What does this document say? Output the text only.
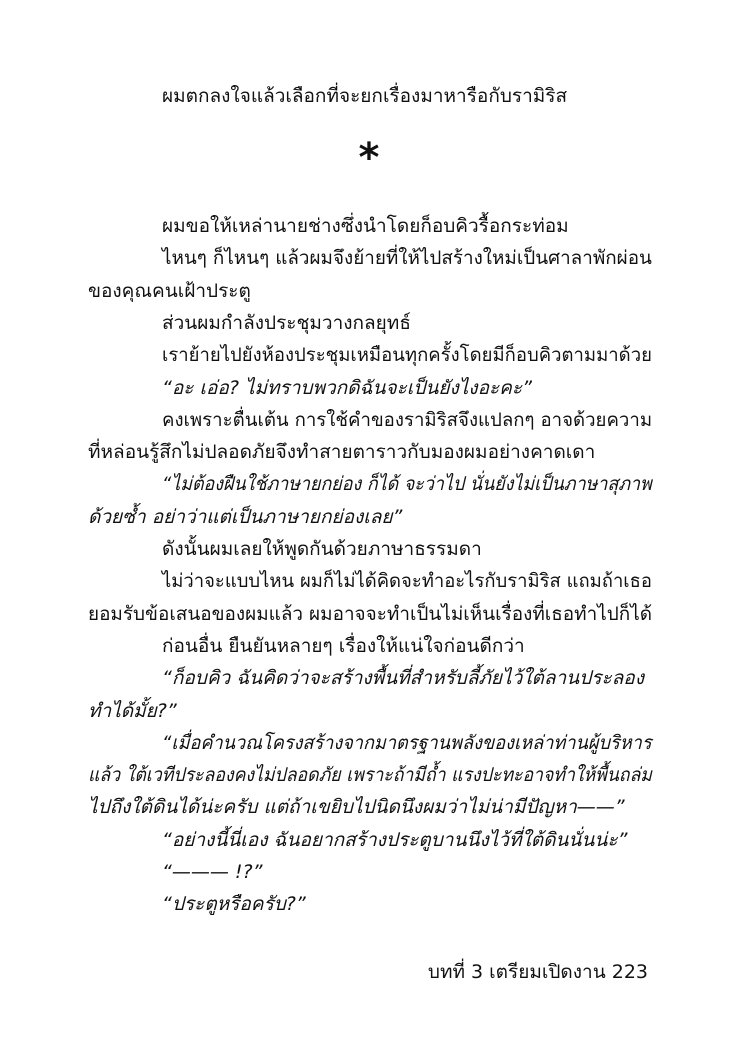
ผมตกลงใจแล้วเลือกที่จะยกเรื่องมาหารือกับรามิริส
*
ผมขอให้เหล่านายช่างซึ่งนำโดยก็อบคิวรื้อกระท่อม
ไหนๆ ก็ไหนๆ แล้วผมจึงย้ายที่ให้ไปสร้างใหม่เป็นศาลาพักผ่อน
ของคุณคนเฝ้าประตู
ส่วนผมกำลังประชุมวางกลยุทธ์
เราย้ายไปยังห้องประชุมเหมือนทุกครั้งโดยมีก็อบคิวตามมาด้วย
“อะ เอ่อ? ไม่ทราบพวกดิฉันจะเป็นยังไงอะคะ”
คงเพราะตื่นเต้น การใช้คำของรามิริสจึงแปลกๆ อาจด้วยความ
ที่หล่อนรู้สึกไม่ปลอดภัยจึงทำสายตาราวกับมองผมอย่างคาดเดา
“ไม่ต้องฝืนใช้ภาษายกย่อง ก็ได้ จะว่าไป นั่นยังไม่เป็นภาษาสุภาพ
ด้วยซ้ำ อย่าว่าแต่เป็นภาษายกย่องเลย”
ดังนั้นผมเลยให้พูดกันด้วยภาษาธรรมดา
ไม่ว่าจะแบบไหน ผมก็ไม่ได้คิดจะทำอะไรกับรามิริส แถมถ้าเธอ
ยอมรับข้อเสนอของผมแล้ว ผมอาจจะทำเป็นไม่เห็นเรื่องที่เธอทำไปก็ได้
ก่อนอื่น ยืนยันหลายๆ เรื่องให้แน่ใจก่อนดีกว่า
“ก็อบคิว ฉันคิดว่าจะสร้างพื้นที่สำหรับลี้ภัยไว้ใต้ลานประลอง
ทำได้มั้ย?”
“เมื่อคำนวณโครงสร้างจากมาตรฐานพลังของเหล่าท่านผู้บริหาร
แล้ว ใต้เวทีประลองคงไม่ปลอดภัย เพราะถ้ามีถ้ำ แรงปะทะอาจทำให้พื้นถล่ม
ไปถึงใต้ดินได้น่ะครับ แต่ถ้าเขยิบไปนิดนึงผมว่าไม่น่ามีปัญหา——”
“อย่างนี้นี่เอง ฉันอยากสร้างประตูบานนึงไว้ที่ใต้ดินนั่นน่ะ”
“——— !?”
“ประตูหรือครับ?”
บทที่ 3 เตรียมเปิดงาน 223
